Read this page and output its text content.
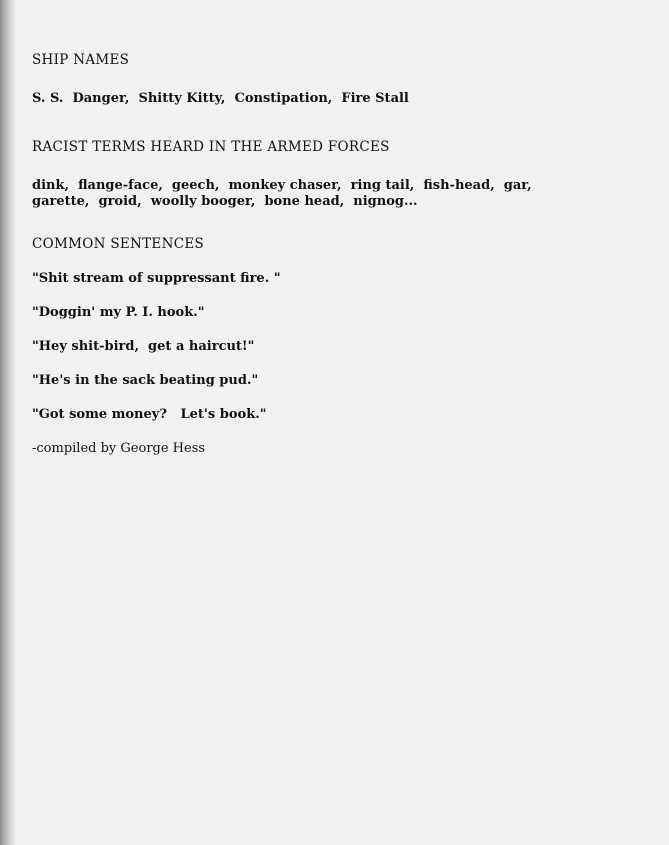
SHIP NAMES
S. S.  Danger,  Shitty Kitty,  Constipation,  Fire Stall
RACIST TERMS HEARD IN THE ARMED FORCES
dink,  flange-face,  geech,  monkey chaser,  ring tail,  fish-head,  gar,
garette,  groid,  woolly booger,  bone head,  nignog...
COMMON SENTENCES
"Shit stream of suppressant fire. "
"Doggin' my P. I. hook."
"Hey shit-bird,  get a haircut!"
"He's in the sack beating pud."
"Got some money?   Let's book."
-compiled by George Hess
